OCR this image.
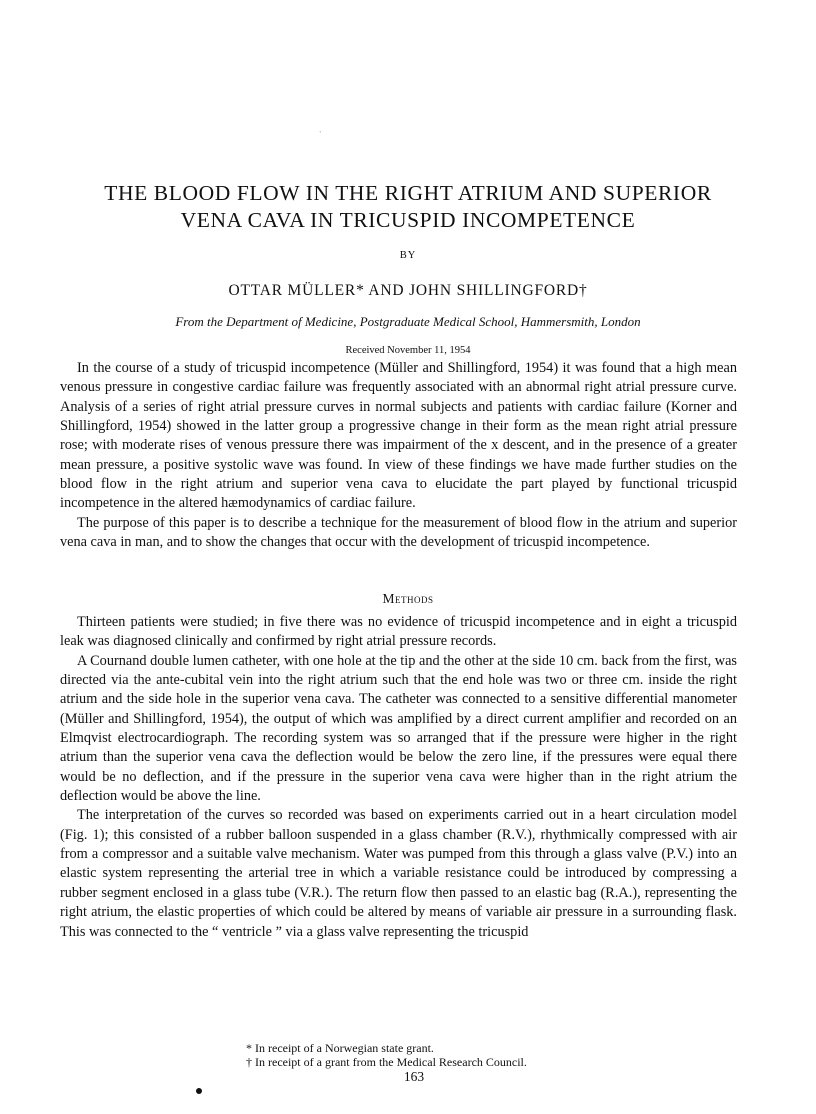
`
THE BLOOD FLOW IN THE RIGHT ATRIUM AND SUPERIOR
VENA CAVA IN TRICUSPID INCOMPETENCE
BY
OTTAR MÜLLER* AND JOHN SHILLINGFORD†
From the Department of Medicine, Postgraduate Medical School, Hammersmith, London
Received November 11, 1954

In the course of a study of tricuspid incompetence (Müller and Shillingford, 1954) it was found that a high mean venous pressure in congestive cardiac failure was frequently associated with an abnormal right atrial pressure curve. Analysis of a series of right atrial pressure curves in normal subjects and patients with cardiac failure (Korner and Shillingford, 1954) showed in the latter group a progressive change in their form as the mean right atrial pressure rose; with moderate rises of venous pressure there was impairment of the x descent, and in the presence of a greater mean pressure, a positive systolic wave was found. In view of these findings we have made further studies on the blood flow in the right atrium and superior vena cava to elucidate the part played by functional tricuspid incompetence in the altered hæmodynamics of cardiac failure.

The purpose of this paper is to describe a technique for the measurement of blood flow in the atrium and superior vena cava in man, and to show the changes that occur with the development of tricuspid incompetence.

Methods

Thirteen patients were studied; in five there was no evidence of tricuspid incompetence and in eight a tricuspid leak was diagnosed clinically and confirmed by right atrial pressure records.

A Cournand double lumen catheter, with one hole at the tip and the other at the side 10 cm. back from the first, was directed via the ante-cubital vein into the right atrium such that the end hole was two or three cm. inside the right atrium and the side hole in the superior vena cava. The catheter was connected to a sensitive differential manometer (Müller and Shillingford, 1954), the output of which was amplified by a direct current amplifier and recorded on an Elmqvist electrocardiograph. The recording system was so arranged that if the pressure were higher in the right atrium than the superior vena cava the deflection would be below the zero line, if the pressures were equal there would be no deflection, and if the pressure in the superior vena cava were higher than in the right atrium the deflection would be above the line.

The interpretation of the curves so recorded was based on experiments carried out in a heart circulation model (Fig. 1); this consisted of a rubber balloon suspended in a glass chamber (R.V.), rhythmically compressed with air from a compressor and a suitable valve mechanism. Water was pumped from this through a glass valve (P.V.) into an elastic system representing the arterial tree in which a variable resistance could be introduced by compressing a rubber segment enclosed in a glass tube (V.R.). The return flow then passed to an elastic bag (R.A.), representing the right atrium, the elastic properties of which could be altered by means of variable air pressure in a surrounding flask. This was connected to the “ ventricle ” via a glass valve representing the tricuspid

* In receipt of a Norwegian state grant.
† In receipt of a grant from the Medical Research Council.
163
